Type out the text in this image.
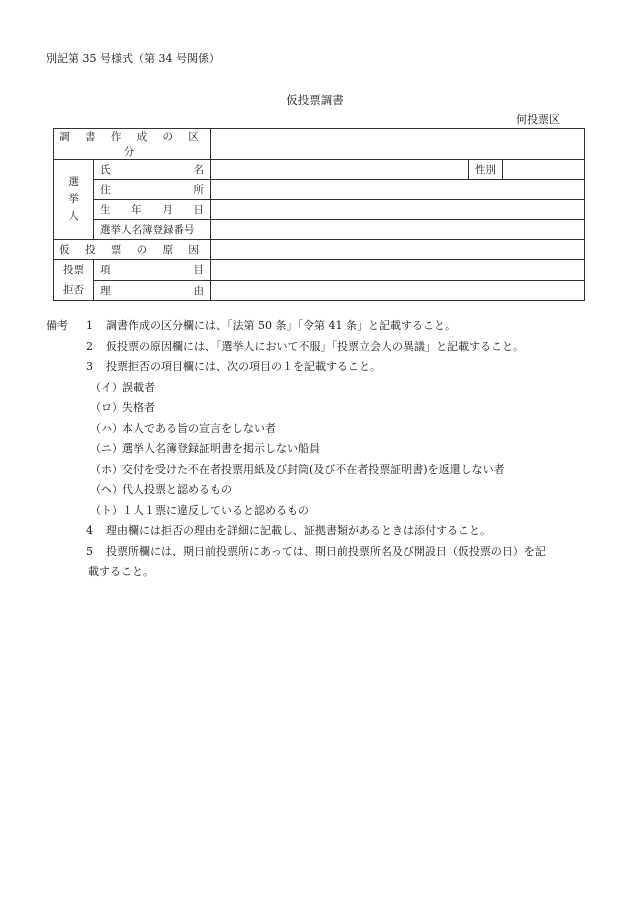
別記第 35 号様式（第 34 号関係）
仮投票調書
何投票区
調 書 作 成 の 区 分				

選
挙
人	氏 名		性別	

	住 所			

	生 年 月 日			

	選挙人名簿登録番号			
仮 投 票 の 原 因				

投票
拒否	項 目			

	理 由			

備考	1	調書作成の区分欄には、「法第 50 条」「令第 41 条」と記載すること。
2	仮投票の原因欄には、「選挙人において不服」「投票立会人の異議」と記載すること。
3	投票拒否の項目欄には、次の項目の１を記載すること。
（イ） 誤載者
（ロ） 失格者
（ハ） 本人である旨の宣言をしない者
（ニ） 選挙人名簿登録証明書を掲示しない船員
（ホ） 交付を受けた不在者投票用紙及び封筒(及び不在者投票証明書)を返還しない者
（ヘ） 代人投票と認めるもの
（ト） １人１票に違反していると認めるもの
4	理由欄には拒否の理由を詳細に記載し、証拠書類があるときは添付すること。
5	投票所欄には、期日前投票所にあっては、期日前投票所名及び開設日（仮投票の日）を記
載すること。
